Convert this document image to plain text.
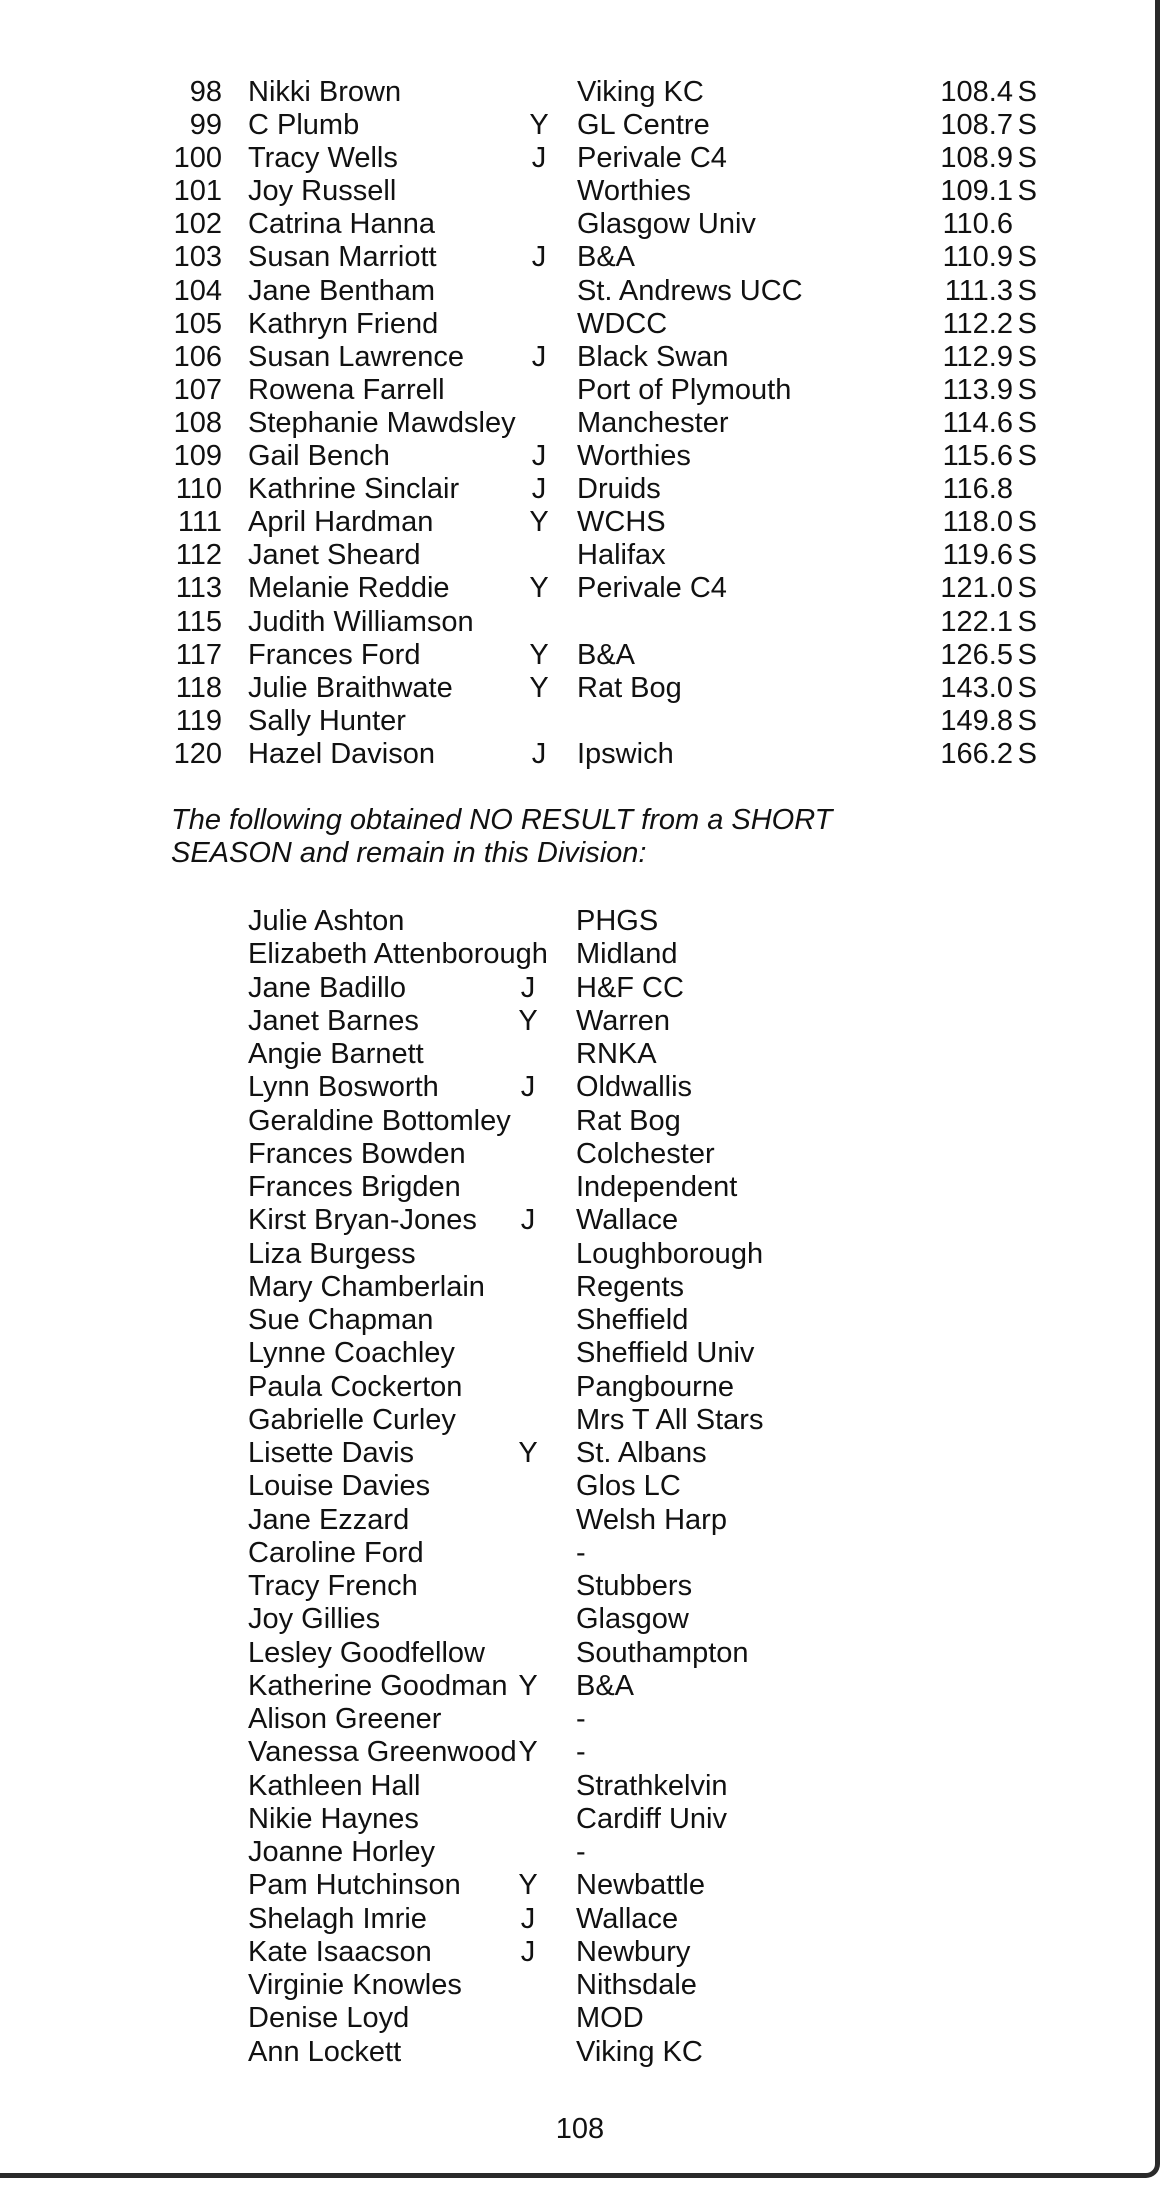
98 Nikki Brown	Viking KC	108.4 S
99 C Plumb	Y GL Centre	108.7 S
100 Tracy Wells	J Perivale C4	108.9 S
101 Joy Russell	Worthies	109.1 S
102 Catrina Hanna	Glasgow Univ	110.6
103 Susan Marriott	J B&A	110.9 S
104 Jane Bentham	St. Andrews UCC	111.3 S
105 Kathryn Friend	WDCC	112.2 S
106 Susan Lawrence J Black Swan	112.9 S
107 Rowena Farrell	Port of Plymouth	113.9 S
108 Stephanie Mawdsley Manchester	114.6 S
109 Gail Bench	J Worthies	115.6 S
110 Kathrine Sinclair	J Druids	116.8
111 April Hardman	Y WCHS	118.0 S
112 Janet Sheard	Halifax	119.6 S
113 Melanie Reddie	Y Perivale C4	121.0 S
115 Judith Williamson	122.1 S
117 Frances Ford	Y B&A	126.5 S
118 Julie Braithwate	Y Rat Bog	143.0 S
119 Sally Hunter	149.8 S
120 Hazel Davison	J Ipswich	166.2 S

The following obtained NO RESULT from a SHORT

SEASON and remain in this Division:

Julie Ashton	PHGS
Elizabeth Attenborough Midland
Jane Badillo	J H&F CC
Janet Barnes	Y Warren
Angie Barnett	RNKA
Lynn Bosworth	J Oldwallis
Geraldine Bottomley Rat Bog
Frances Bowden	Colchester
Frances Brigden	Independent
Kirst Bryan-Jones J Wallace
Liza Burgess	Loughborough
Mary Chamberlain	Regents
Sue Chapman	Sheffield
Lynne Coachley	Sheffield Univ
Paula Cockerton	Pangbourne
Gabrielle Curley	Mrs T All Stars
Lisette Davis	Y St. Albans
Louise Davies	Glos LC
Jane Ezzard	Welsh Harp
Caroline Ford	-
Tracy French	Stubbers
Joy Gillies	Glasgow
Lesley Goodfellow	Southampton
Katherine Goodman Y B&A
Alison Greener	-
Vanessa Greenwood Y -
Kathleen Hall	Strathkelvin
Nikie Haynes	Cardiff Univ
Joanne Horley	-
Pam Hutchinson Y Newbattle
Shelagh Imrie	J Wallace
Kate Isaacson	J Newbury
Virginie Knowles	Nithsdale
Denise Loyd	MOD
Ann Lockett	Viking KC
108
